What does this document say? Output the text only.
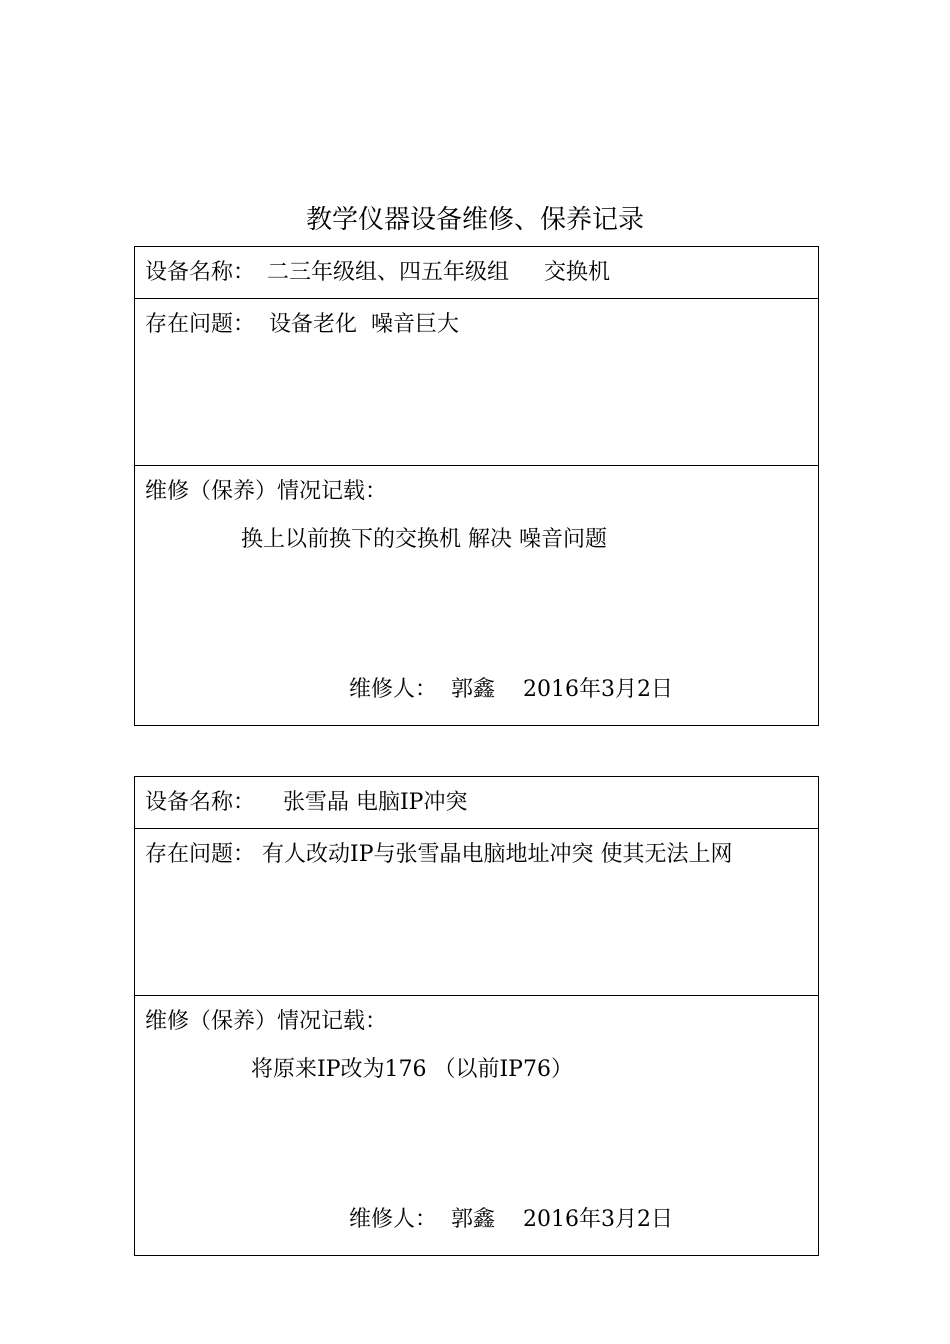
教学仪器设备维修、保养记录
设备名称： 二三年级组、四五年级组     交换机
存在问题： 设备老化  噪音巨大
维修（保养）情况记载：
换上以前换下的交换机 解决 噪音问题
维修人：  郭鑫    2016年3月2日
设备名称： 张雪晶 电脑IP冲突
存在问题： 有人改动IP与张雪晶电脑地址冲突 使其无法上网
维修（保养）情况记载：
将原来IP改为176 （以前IP76）
维修人：  郭鑫    2016年3月2日
